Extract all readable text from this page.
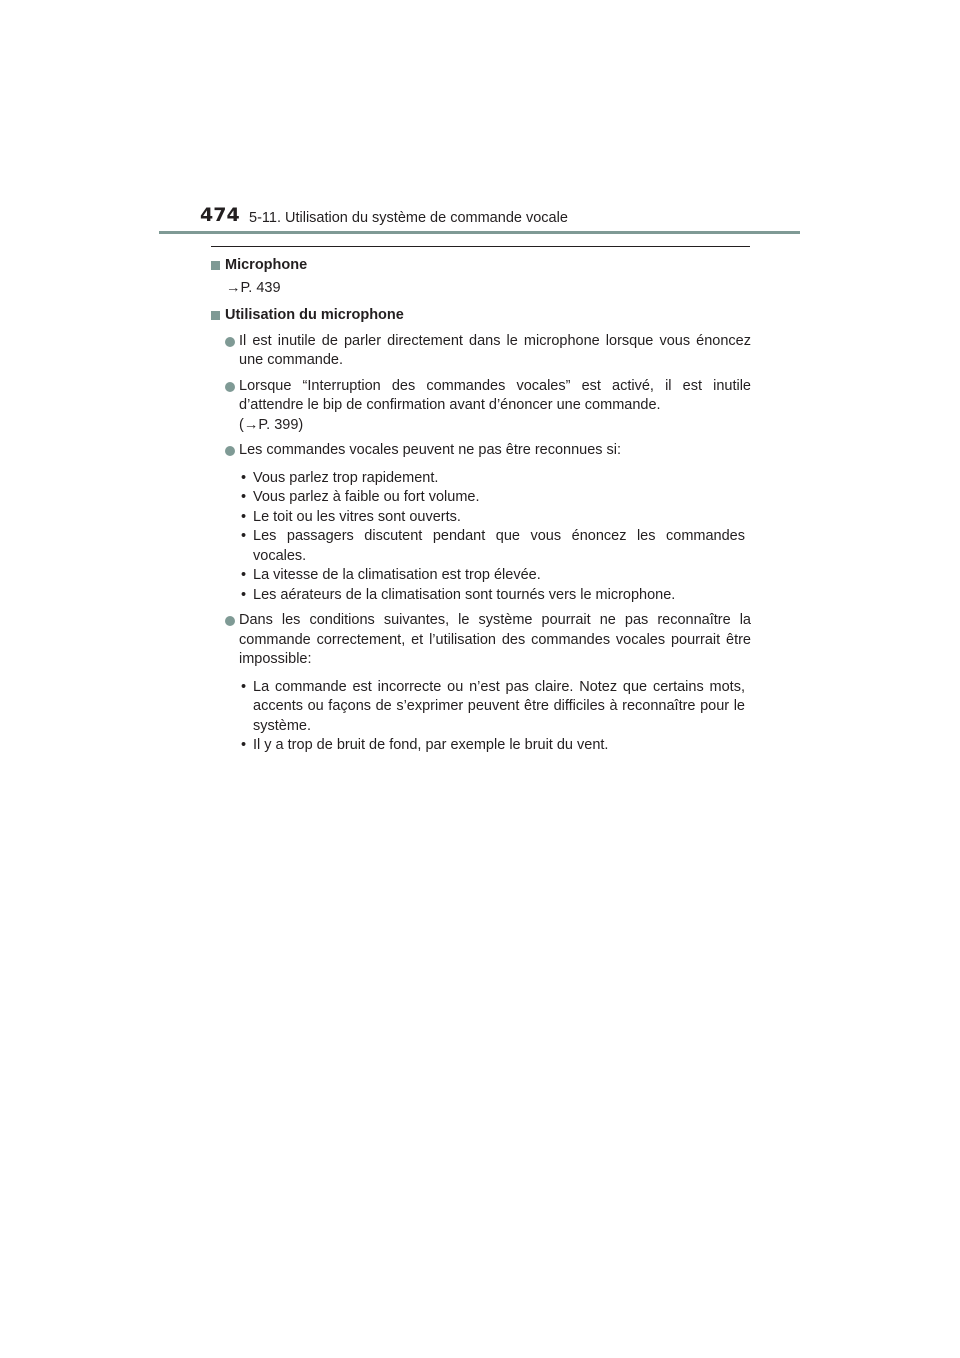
474 5-11. Utilisation du système de commande vocale
Microphone
→P. 439
Utilisation du microphone
Il est inutile de parler directement dans le microphone lorsque vous énoncez une commande.
Lorsque “Interruption des commandes vocales” est activé, il est inutile d’attendre le bip de confirmation avant d’énoncer une commande.
(→P. 399)
Les commandes vocales peuvent ne pas être reconnues si:
• Vous parlez trop rapidement.
• Vous parlez à faible ou fort volume.
• Le toit ou les vitres sont ouverts.
• Les passagers discutent pendant que vous énoncez les commandes vocales.
• La vitesse de la climatisation est trop élevée.
• Les aérateurs de la climatisation sont tournés vers le microphone.
Dans les conditions suivantes, le système pourrait ne pas reconnaître la commande correctement, et l’utilisation des commandes vocales pourrait être impossible:
• La commande est incorrecte ou n’est pas claire. Notez que certains mots, accents ou façons de s’exprimer peuvent être difficiles à reconnaître pour le système.
• Il y a trop de bruit de fond, par exemple le bruit du vent.
